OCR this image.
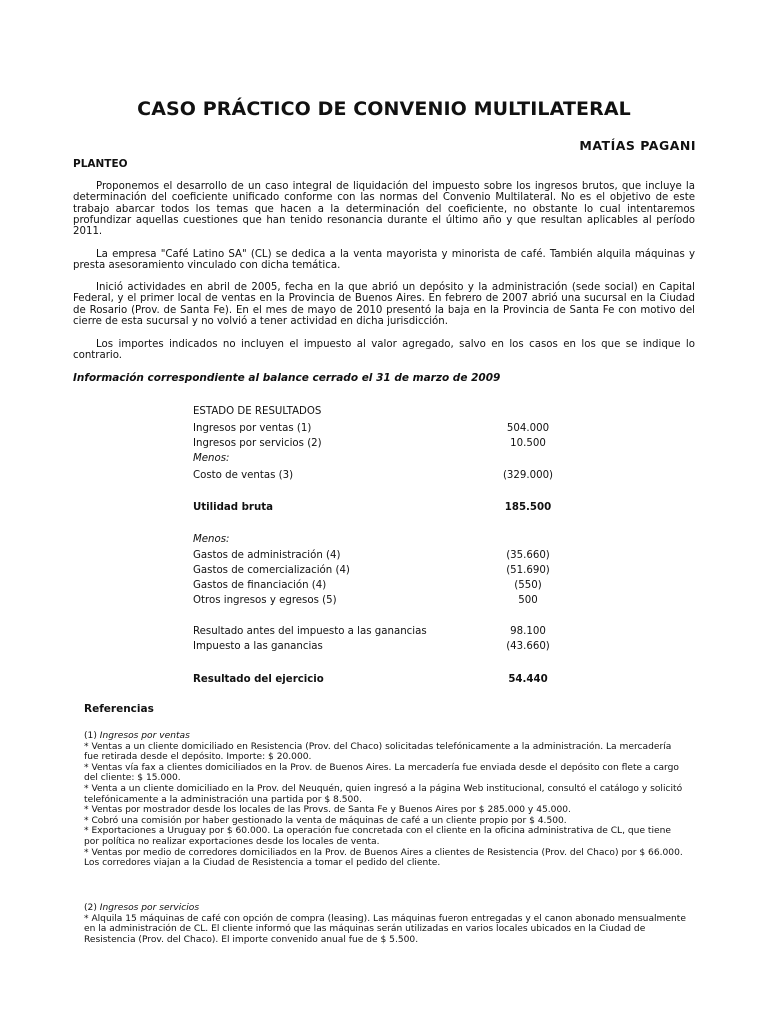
CASO PRÁCTICO DE CONVENIO MULTILATERAL
MATÍAS PAGANI
PLANTEO

Proponemos el desarrollo de un caso integral de liquidación del impuesto sobre los ingresos brutos, que incluye la determinación del coeficiente unificado conforme con las normas del Convenio Multilateral. No es el objetivo de este trabajo abarcar todos los temas que hacen a la determinación del coeficiente, no obstante lo cual intentaremos profundizar aquellas cuestiones que han tenido resonancia durante el último año y que resultan aplicables al período 2011.

La empresa "Café Latino SA" (CL) se dedica a la venta mayorista y minorista de café. También alquila máquinas y presta asesoramiento vinculado con dicha temática.

Inició actividades en abril de 2005, fecha en la que abrió un depósito y la administración (sede social) en Capital Federal, y el primer local de ventas en la Provincia de Buenos Aires. En febrero de 2007 abrió una sucursal en la Ciudad de Rosario (Prov. de Santa Fe). En el mes de mayo de 2010 presentó la baja en la Provincia de Santa Fe con motivo del cierre de esta sucursal y no volvió a tener actividad en dicha jurisdicción.

Los importes indicados no incluyen el impuesto al valor agregado, salvo en los casos en los que se indique lo contrario.

Información correspondiente al balance cerrado el 31 de marzo de 2009
ESTADO DE RESULTADOS
Ingresos por ventas (1)	504.000
Ingresos por servicios (2)	10.500
Menos:
Costo de ventas (3)	(329.000)
Utilidad bruta	185.500
Menos:
Gastos de administración (4)	(35.660)
Gastos de comercialización (4)	(51.690)
Gastos de financiación (4)	(550)
Otros ingresos y egresos (5)	500
Resultado antes del impuesto a las ganancias	98.100
Impuesto a las ganancias	(43.660)
Resultado del ejercicio	54.440
Referencias
(1) Ingresos por ventas
* Ventas a un cliente domiciliado en Resistencia (Prov. del Chaco) solicitadas telefónicamente a la administración. La mercadería
fue retirada desde el depósito. Importe: $ 20.000.
* Ventas vía fax a clientes domiciliados en la Prov. de Buenos Aires. La mercadería fue enviada desde el depósito con flete a cargo
del cliente: $ 15.000.
* Venta a un cliente domiciliado en la Prov. del Neuquén, quien ingresó a la página Web institucional, consultó el catálogo y solicitó
telefónicamente a la administración una partida por $ 8.500.
* Ventas por mostrador desde los locales de las Provs. de Santa Fe y Buenos Aires por $ 285.000 y 45.000.
* Cobró una comisión por haber gestionado la venta de máquinas de café a un cliente propio por $ 4.500.
* Exportaciones a Uruguay por $ 60.000. La operación fue concretada con el cliente en la oficina administrativa de CL, que tiene
por política no realizar exportaciones desde los locales de venta.
* Ventas por medio de corredores domiciliados en la Prov. de Buenos Aires a clientes de Resistencia (Prov. del Chaco) por $ 66.000.
Los corredores viajan a la Ciudad de Resistencia a tomar el pedido del cliente.
(2) Ingresos por servicios
* Alquila 15 máquinas de café con opción de compra (leasing). Las máquinas fueron entregadas y el canon abonado mensualmente
en la administración de CL. El cliente informó que las máquinas serán utilizadas en varios locales ubicados en la Ciudad de
Resistencia (Prov. del Chaco). El importe convenido anual fue de $ 5.500.
